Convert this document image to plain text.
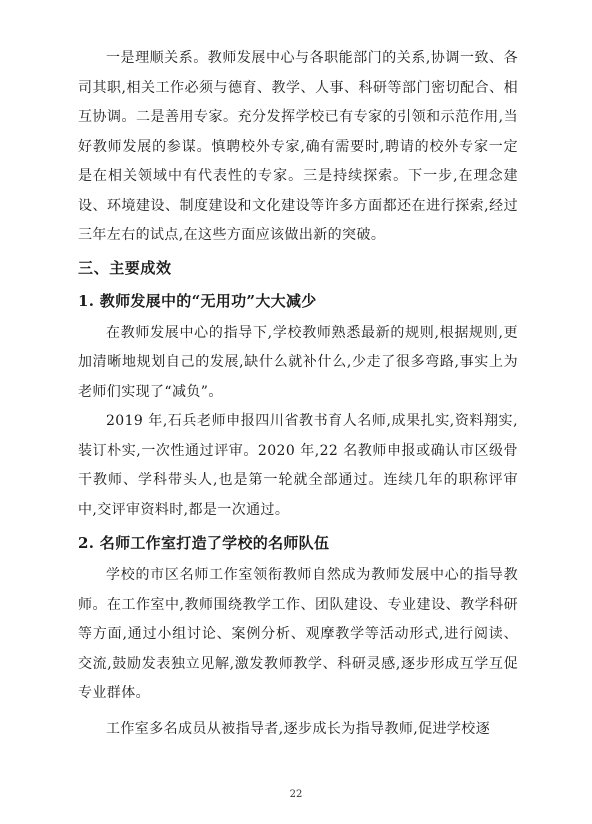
一是理顺关系。教师发展中心与各职能部门的关系,协调一致、各司其职,相关工作必须与德育、教学、人事、科研等部门密切配合、相互协调。二是善用专家。充分发挥学校已有专家的引领和示范作用,当好教师发展的参谋。慎聘校外专家,确有需要时,聘请的校外专家一定是在相关领域中有代表性的专家。三是持续探索。下一步,在理念建设、环境建设、制度建设和文化建设等许多方面都还在进行探索,经过三年左右的试点,在这些方面应该做出新的突破。

三、主要成效
1. 教师发展中的“无用功”大大减少

在教师发展中心的指导下,学校教师熟悉最新的规则,根据规则,更加清晰地规划自己的发展,缺什么就补什么,少走了很多弯路,事实上为老师们实现了“减负”。

2019 年,石兵老师申报四川省教书育人名师,成果扎实,资料翔实,装订朴实,一次性通过评审。2020 年,22 名教师申报或确认市区级骨干教师、学科带头人,也是第一轮就全部通过。连续几年的职称评审中,交评审资料时,都是一次通过。

2. 名师工作室打造了学校的名师队伍

学校的市区名师工作室领衔教师自然成为教师发展中心的指导教师。在工作室中,教师围绕教学工作、团队建设、专业建设、教学科研等方面,通过小组讨论、案例分析、观摩教学等活动形式,进行阅读、交流,鼓励发表独立见解,激发教师教学、科研灵感,逐步形成互学互促专业群体。

工作室多名成员从被指导者,逐步成长为指导教师,促进学校逐

22
